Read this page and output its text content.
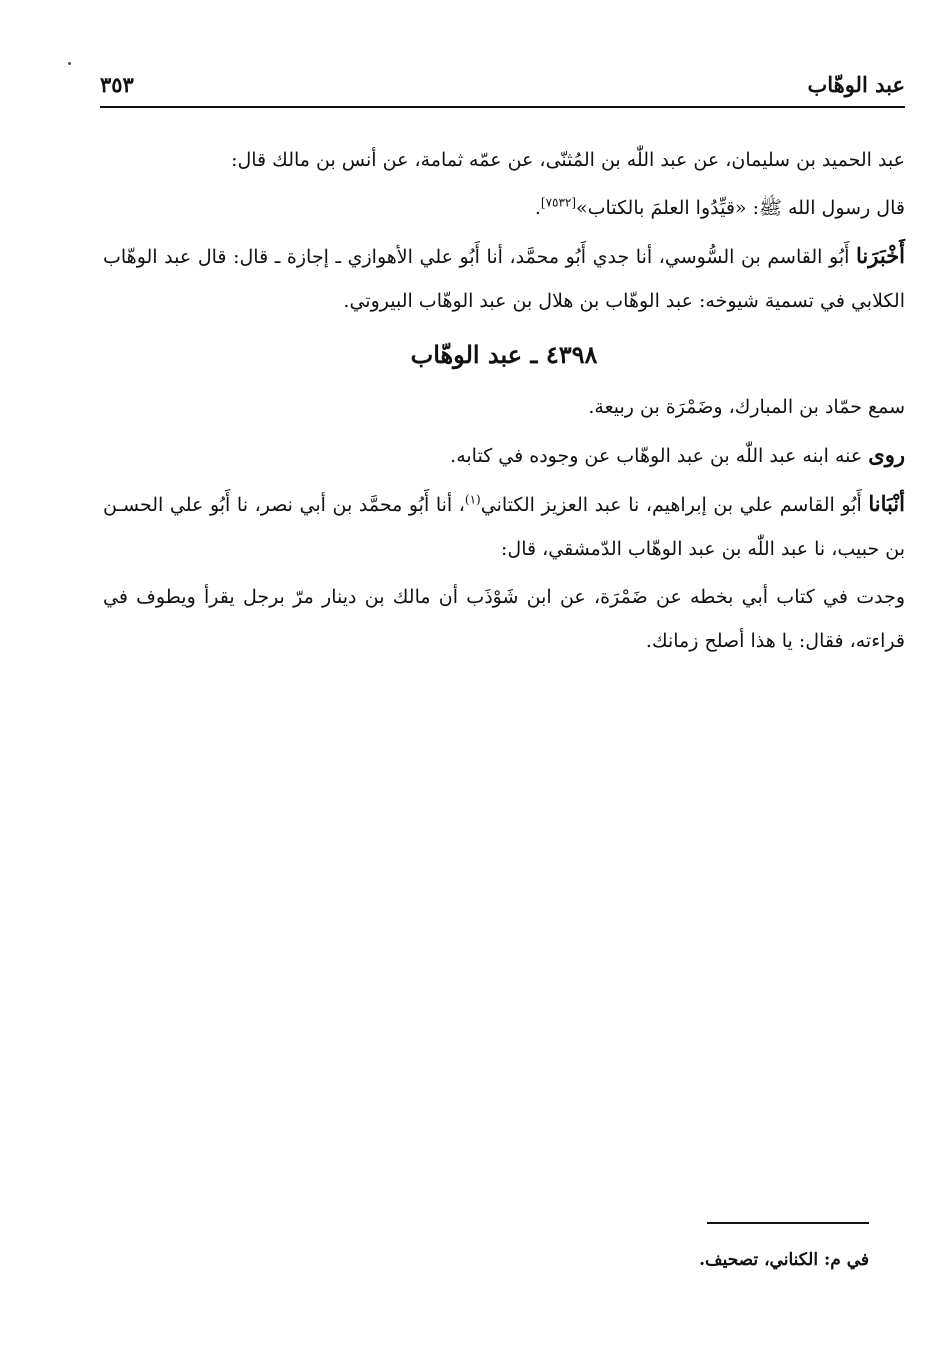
عبد الوهّاب
٣٥٣

عبد الحميد بن سليمان، عن عبد اللّٰه بن المُثنّى، عن عمّه ثمامة، عن أنس بن مالك قال:

قال رسول الله ﷺ: «قيِّدُوا العلمَ بالكتاب»[٧٥٣٢].

أَخْبَرَنا أَبُو القاسم بن السُّوسي، أنا جدي أَبُو محمَّد، أنا أَبُو علي الأهوازي ـ إجازة ـ قال: قال عبد الوهّاب الكلابي في تسمية شيوخه: عبد الوهّاب بن هلال بن عبد الوهّاب البيروتي.

٤٣٩٨ ـ عبد الوهّاب

سمع حمّاد بن المبارك، وضَمْرَة بن ربيعة.

روى عنه ابنه عبد اللّٰه بن عبد الوهّاب عن وجوده في كتابه.

أنْبَانا أَبُو القاسم علي بن إبراهيم، نا عبد العزيز الكتاني$^{(١)}$، أنا أَبُو محمَّد بن أبي نصر، نا أَبُو علي الحسـن بن حبيب، نا عبد اللّٰه بن عبد الوهّاب الدّمشقي، قال:

وجدت في كتاب أبي بخطه عن ضَمْرَة، عن ابن شَوْذَب أن مالك بن دينار مرّ برجل يقرأ ويطوف في قراءته، فقال: يا هذا أصلح زمانك.

في م: الكناني، تصحيف.
